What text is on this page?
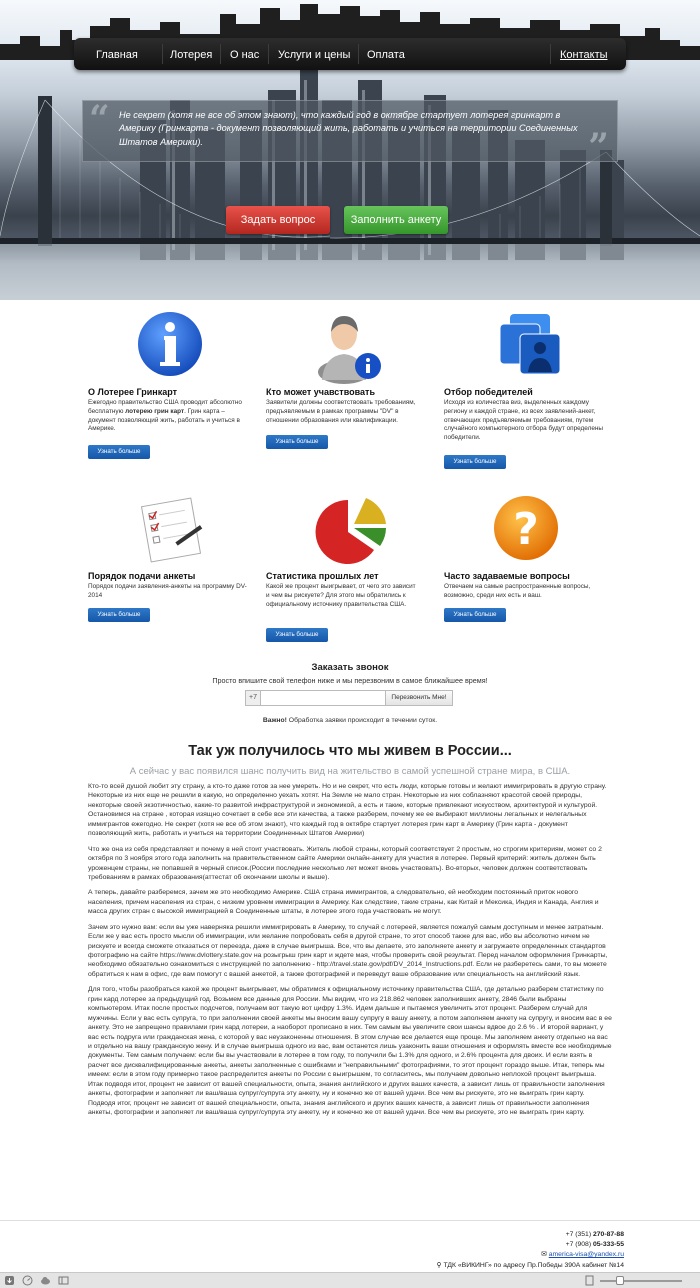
Главная	Лотерея О нас Услуги и цены Оплата	Контакты
“ Не секрет (хотя не все об этом знают), что каждый год в октябре стартует лотерея гринкарт в Америку (Гринкарта - документ позволяющий жить, работать и учиться на территории Соединенных Штатов Америки).	”
Задать вопрос	Заполнить анкету
О Лотерее Гринкарт

Ежегодно правительство США проводит абсолютно бесплатную лотерею грин карт. Грин карта – документ позволяющий жить, работать и учиться в Америке.

Узнать больше
Кто может учавствовать

Заявители должны соответствовать требованиям, предъявляемым в рамках программы "DV" в отношении образования или квалификации.

Узнать больше
Отбор победителей

Исходя из количества виз, выделенных каждому региону и каждой стране, из всех заявлений-анкет, отвечающих предъявляемым требованиям, путем случайного компьютерного отбора будут определены победители.

Узнать больше
Порядок подачи анкеты

Порядок подачи заявления-анкеты на программу DV-2014

Узнать больше
Статистика прошлых лет

Какой же процент выигрывает, от чего это зависит и чем вы рискуете? Для этого мы обратились к официальному источнику правительства США.

Узнать больше
?
Часто задаваемые вопросы

Отвечаем на самые распространенные вопросы, возможно, среди них есть и ваш.

Узнать больше
Заказать звонок
Просто впишите свой телефон ниже и мы перезвоним в самое ближайшее время!
+7	Перезвонить Мне!
Важно! Обработка заявки происходит в течении суток.
Так уж получилось что мы живем в России...
А сейчас у вас появился шанс получить вид на жительство в самой успешной стране мира, в США.

Кто-то всей душой любит эту страну, а кто-то даже готов за нее умереть. Но и не секрет, что есть люди, которые готовы и желают иммигрировать в другую страну. Некоторые из них еще не решили в какую, но определенно уехать хотят. На Земле не мало стран. Некоторые из них соблазняют красотой своей природы, некоторые своей экзотичностью, какие-то развитой инфраструктурой и экономикой, а есть и такие, которые привлекают искусством, архитектурой и культурой. Остановимся на стране , которая изящно сочетает в себе все эти качества, а также разберем, почему же ее выбирают миллионы легальных и нелегальных иммигрантов ежегодно. Не секрет (хотя не все об этом знают), что каждый год в октябре стартует лотерея грин карт в Америку (Грин карта - документ позволяющий жить, работать и учиться на территории Соединенных Штатов Америки)

Что же она из себя представляет и почему в ней стоит участвовать. Житель любой страны, который соответствует 2 простым, но строгим критериям, может со 2 октября по 3 ноября этого года заполнить на правительственном сайте Америки онлайн-анкету для участия в лотерее. Первый критерий: житель должен быть уроженцем страны, не попавшей в черный список.(России последние несколько лет может вновь участвовать). Во-вторых, человек должен соответствовать требованиям в рамках образования(аттестат об окончании школы и выше).

А теперь, давайте разберемся, зачем же это необходимо Америке. США страна иммигрантов, а следовательно, ей необходим постоянный приток нового населения, причем населения из стран, с низким уровнем иммиграции в Америку. Как следствие, такие страны, как Китай и Мексика, Индия и Канада, Англия и масса других стран с высокой иммиграцией в Соединенные штаты, в лотерее этого года участвовать не могут.

Зачем это нужно вам: если вы уже наверняка решили иммигрировать в Америку, то случай с лотереей, является пожалуй самым доступным и менее затратным. Если же у вас есть просто мысли об иммиграции, или желание попробовать себя в другой стране, то этот способ также для вас, ибо вы абсолютно ничем не рискуете и всегда сможете отказаться от переезда, даже в случае выигрыша. Все, что вы делаете, это заполняете анкету и загружаете определенных стандартов фотографию на сайте https://www.dvlottery.state.gov на розыгрыш грин карт и ждете мая, чтобы проверить свой результат. Перед началом оформления Гринкарты, необходимо обязательно ознакомиться с инструкцией по заполнению - http://travel.state.gov/pdf/DV_2014_Instructions.pdf. Если не разберетесь сами, то вы можете обратиться к нам в офис, где вам помогут с вашей анкетой, а также фотографией и переведут ваше образование или специальность на английский язык.

Для того, чтобы разобраться какой же процент выигрывает, мы обратимся к официальному источнику правительства США, где детально разберем статистику по грин кард лотерее за предыдущий год. Возьмем все данные для России. Мы видим, что из 218.862 человек заполнивших анкету, 2846 были выбраны компьютером. Итак после простых подсчетов, получаем вот такую вот цифру 1.3%. Идем дальше и пытаемся увеличить этот процент. Разберем случай для мужчины. Если у вас есть супруга, то при заполнении своей анкеты мы вносим вашу супругу в вашу анкету, а потом заполняем анкету на супругу, и вносим вас в ее анкету. Это не запрещено правилами грин кард лотереи, а наоборот прописано в них. Тем самым вы увеличите свои шансы вдвое до 2.6 % . И второй вариант, у вас есть подруга или гражданская жена, с которой у вас неузаконенны отношения. В этом случае все делается еще проще. Мы заполняем анкету отдельно на вас и отдельно на вашу гражданскую жену. И в случае выигрыша одного из вас, вам останется лишь узаконить ваши отношения и оформлять вместе все необходимые документы. Тем самым получаем: если бы вы участвовали в лотерее в том году, то получили бы 1.3% для одного, и 2.6% процента для двоих. И если взять в расчет все дисквалифицированные анкеты, анкеты заполненные с ошибками и "неправильными" фотографиями, то этот процент гораздо выше. Итак, теперь мы имеем: если в этом году примерно такое распределится анкеты по России с выигрышем, то согласитесь, мы получаем довольно неплохой процент выигрыша. Итак подводя итог, процент не зависит от вашей специальности, опыта, знания английского и других ваших качеств, а зависит лишь от правильности заполнения анкеты, фотографии и заполняет ли ваш/ваша супруг/супруга эту анкету, ну и конечно же от вашей удачи. Все чем вы рискуете, это не выиграть грин карту. Подводя итог, процент не зависит от вашей специальности, опыта, знания английского и других ваших качеств, а зависит лишь от правильности заполнения анкеты, фотографии и заполняет ли ваш/ваша супруг/супруга эту анкету, ну и конечно же от вашей удачи. Все чем вы рискуете, это не выиграть грин карту.

+7 (351) 270-87-88
+7 (908) 05-333-55
✉ america-visa@yandex.ru
⚲ ТДК «ВИКИНГ» по адресу Пр.Победы 390А кабинет №14
